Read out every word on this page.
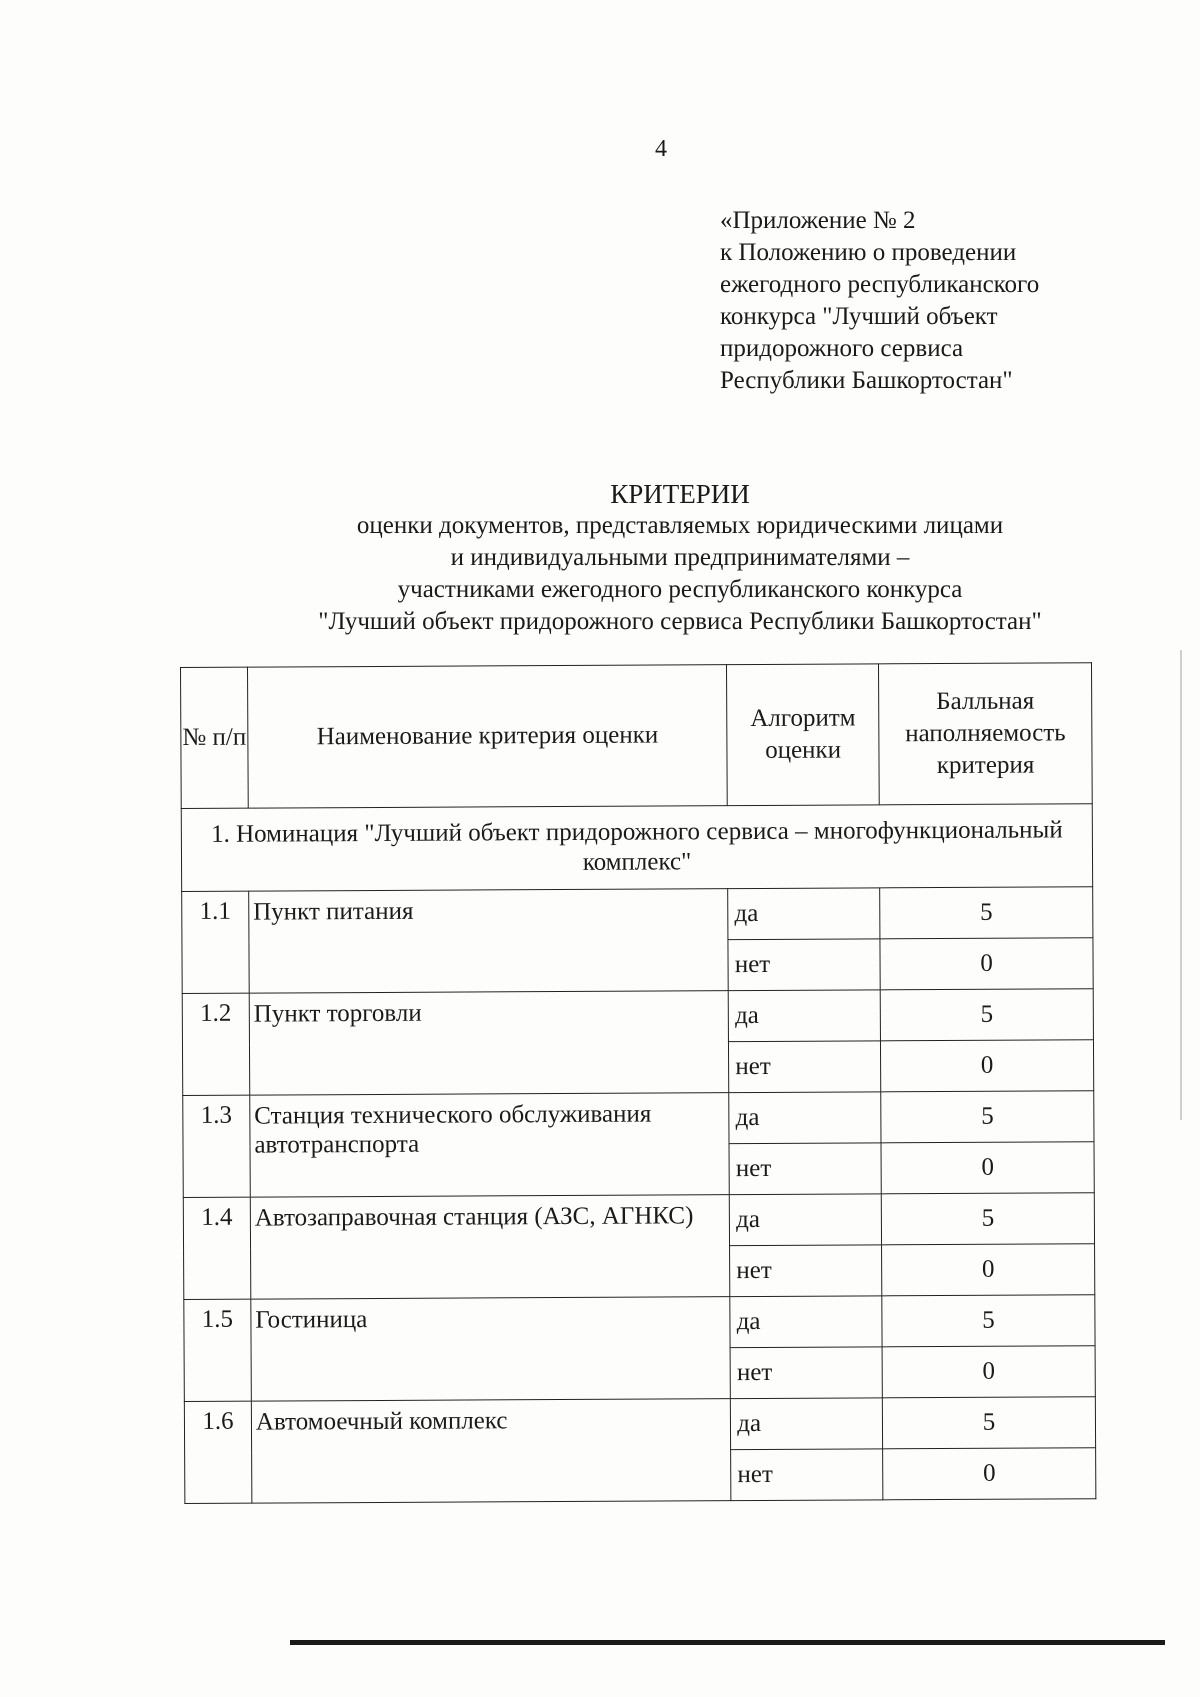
4
«Приложение № 2
к Положению о проведении
ежегодного республиканского
конкурса "Лучший объект
придорожного сервиса
Республики Башкортостан"
КРИТЕРИИ
оценки документов, представляемых юридическими лицами
и индивидуальными предпринимателями –
участниками ежегодного республиканского конкурса
"Лучший объект придорожного сервиса Республики Башкортостан"
№ п/п	Наименование критерия оценки	Алгоритм оценки	Балльная наполняемость критерия
1. Номинация "Лучший объект придорожного сервиса – многофункциональный комплекс"			
1.1	Пункт питания	да	5
		нет	0
1.2	Пункт торговли	да	5
		нет	0
1.3	Станция технического обслуживания автотранспорта	да	5
		нет	0
1.4	Автозаправочная станция (АЗС, АГНКС)	да	5
		нет	0
1.5	Гостиница	да	5
		нет	0
1.6	Автомоечный комплекс	да	5
		нет	0
